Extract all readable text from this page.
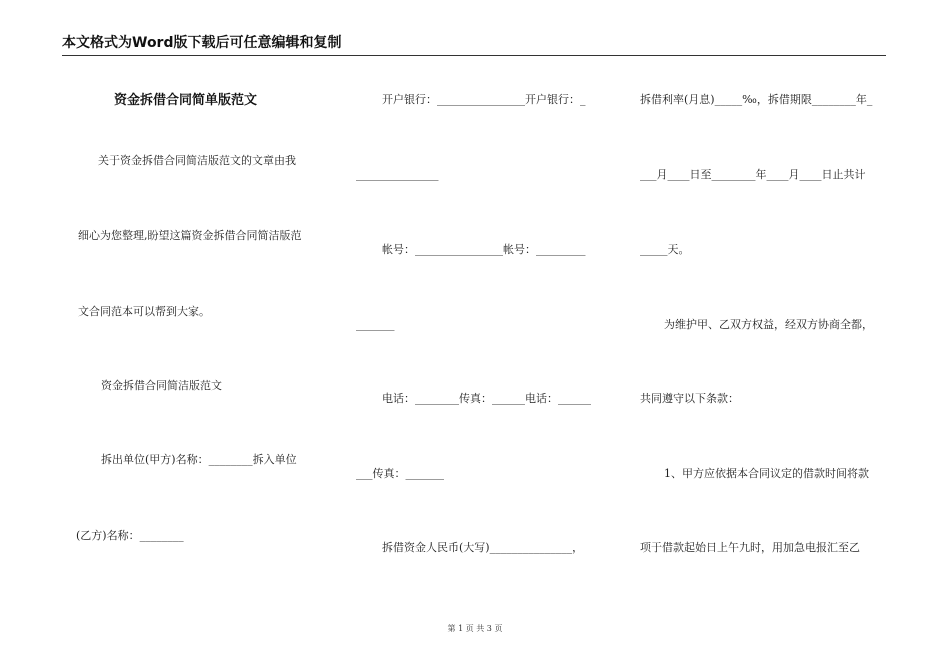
本文格式为Word版下载后可任意编辑和复制
资金拆借合同简单版范文
关于资金拆借合同简洁版范文的文章由我
细心为您整理,盼望这篇资金拆借合同简洁版范
文合同范本可以帮到大家。
资金拆借合同简洁版范文
拆出单位(甲方)名称：________拆入单位
(乙方)名称：________
开户银行：________________开户银行：_
_______________
帐号：________________帐号：_________
_______
电话：________传真：______电话：______
___传真：_______
拆借资金人民币(大写)_______________，
拆借利率(月息)_____‰，拆借期限________年_
___月____日至________年____月____日止共计
_____天。
为维护甲、乙双方权益，经双方协商全都，
共同遵守以下条款：
1、甲方应依据本合同议定的借款时间将款
项于借款起始日上午九时，用加急电报汇至乙
第 1 页 共 3 页
